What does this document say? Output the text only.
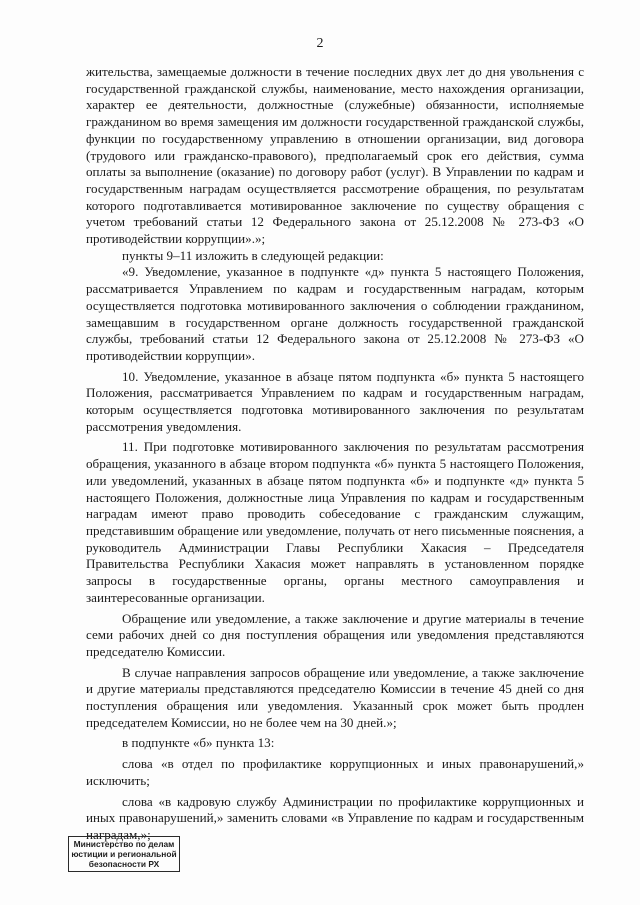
2

жительства, замещаемые должности в течение последних двух лет до дня увольнения с государственной гражданской службы, наименование, место нахождения организации, характер ее деятельности, должностные (служебные) обязанности, исполняемые гражданином во время замещения им должности государственной гражданской службы, функции по государственному управлению в отношении организации, вид договора (трудового или гражданско-правового), предполагаемый срок его действия, сумма оплаты за выполнение (оказание) по договору работ (услуг). В Управлении по кадрам и государственным наградам осуществляется рассмотрение обращения, по результатам которого подготавливается мотивированное заключение по существу обращения с учетом требований статьи 12 Федерального закона от 25.12.2008 № 273-ФЗ «О противодействии коррупции».»;

пункты 9–11 изложить в следующей редакции:

«9. Уведомление, указанное в подпункте «д» пункта 5 настоящего Положения, рассматривается Управлением по кадрам и государственным наградам, которым осуществляется подготовка мотивированного заключения о соблюдении гражданином, замещавшим в государственном органе должность государственной гражданской службы, требований статьи 12 Федерального закона от 25.12.2008 № 273-ФЗ «О противодействии коррупции».

10. Уведомление, указанное в абзаце пятом подпункта «б» пункта 5 настоящего Положения, рассматривается Управлением по кадрам и государственным наградам, которым осуществляется подготовка мотивированного заключения по результатам рассмотрения уведомления.

11. При подготовке мотивированного заключения по результатам рассмотрения обращения, указанного в абзаце втором подпункта «б» пункта 5 настоящего Положения, или уведомлений, указанных в абзаце пятом подпункта «б» и подпункте «д» пункта 5 настоящего Положения, должностные лица Управления по кадрам и государственным наградам имеют право проводить собеседование с гражданским служащим, представившим обращение или уведомление, получать от него письменные пояснения, а руководитель Администрации Главы Республики Хакасия – Председателя Правительства Республики Хакасия может направлять в установленном порядке запросы в государственные органы, органы местного самоуправления и заинтересованные организации.

Обращение или уведомление, а также заключение и другие материалы в течение семи рабочих дней со дня поступления обращения или уведомления представляются председателю Комиссии.

В случае направления запросов обращение или уведомление, а также заключение и другие материалы представляются председателю Комиссии в течение 45 дней со дня поступления обращения или уведомления. Указанный срок может быть продлен председателем Комиссии, но не более чем на 30 дней.»;

в подпункте «б» пункта 13:

слова «в отдел по профилактике коррупционных и иных правонарушений,» исключить;

слова «в кадровую службу Администрации по профилактике коррупционных и иных правонарушений,» заменить словами «в Управление по кадрам и государственным наградам,»;

Министерство по делам
юстиции и региональной
безопасности РХ
